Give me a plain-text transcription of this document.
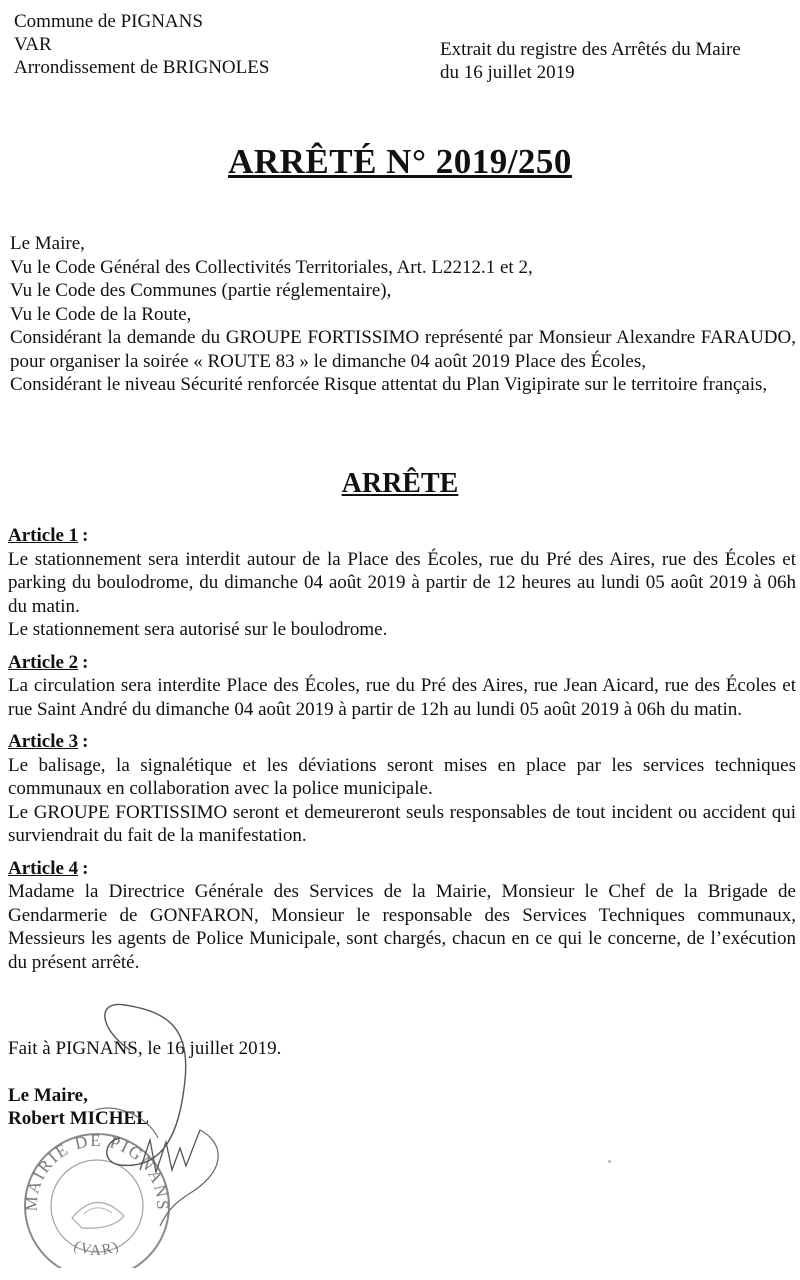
Commune de PIGNANS
VAR
Arrondissement de BRIGNOLES
Extrait du registre des Arrêtés du Maire
du 16 juillet 2019
ARRÊTÉ N° 2019/250
Le Maire,
Vu le Code Général des Collectivités Territoriales, Art. L2212.1 et 2,
Vu le Code des Communes (partie réglementaire),
Vu le Code de la Route,
Considérant la demande du GROUPE FORTISSIMO représenté par Monsieur Alexandre FARAUDO, pour organiser la soirée « ROUTE 83 » le dimanche 04 août 2019 Place des Écoles,
Considérant le niveau Sécurité renforcée Risque attentat du Plan Vigipirate sur le territoire français,
ARRÊTE
Article 1 :

Le stationnement sera interdit autour de la Place des Écoles, rue du Pré des Aires, rue des Écoles et parking du boulodrome, du dimanche 04 août 2019 à partir de 12 heures au lundi 05 août 2019 à 06h du matin.

Le stationnement sera autorisé sur le boulodrome.

Article 2 :

La circulation sera interdite Place des Écoles, rue du Pré des Aires, rue Jean Aicard, rue des Écoles et rue Saint André du dimanche 04 août 2019 à partir de 12h au lundi 05 août 2019 à 06h du matin.

Article 3 :

Le balisage, la signalétique et les déviations seront mises en place par les services techniques communaux en collaboration avec la police municipale.

Le GROUPE FORTISSIMO seront et demeureront seuls responsables de tout incident ou accident qui surviendrait du fait de la manifestation.

Article 4 :

Madame la Directrice Générale des Services de la Mairie, Monsieur le Chef de la Brigade de Gendarmerie de GONFARON, Monsieur le responsable des Services Techniques communaux, Messieurs les agents de Police Municipale, sont chargés, chacun en ce qui le concerne, de l’exécution du présent arrêté.

Fait à PIGNANS, le 16 juillet 2019.
Le Maire,
Robert MICHEL
MAIRIE DE PIGNANS
(VAR)
